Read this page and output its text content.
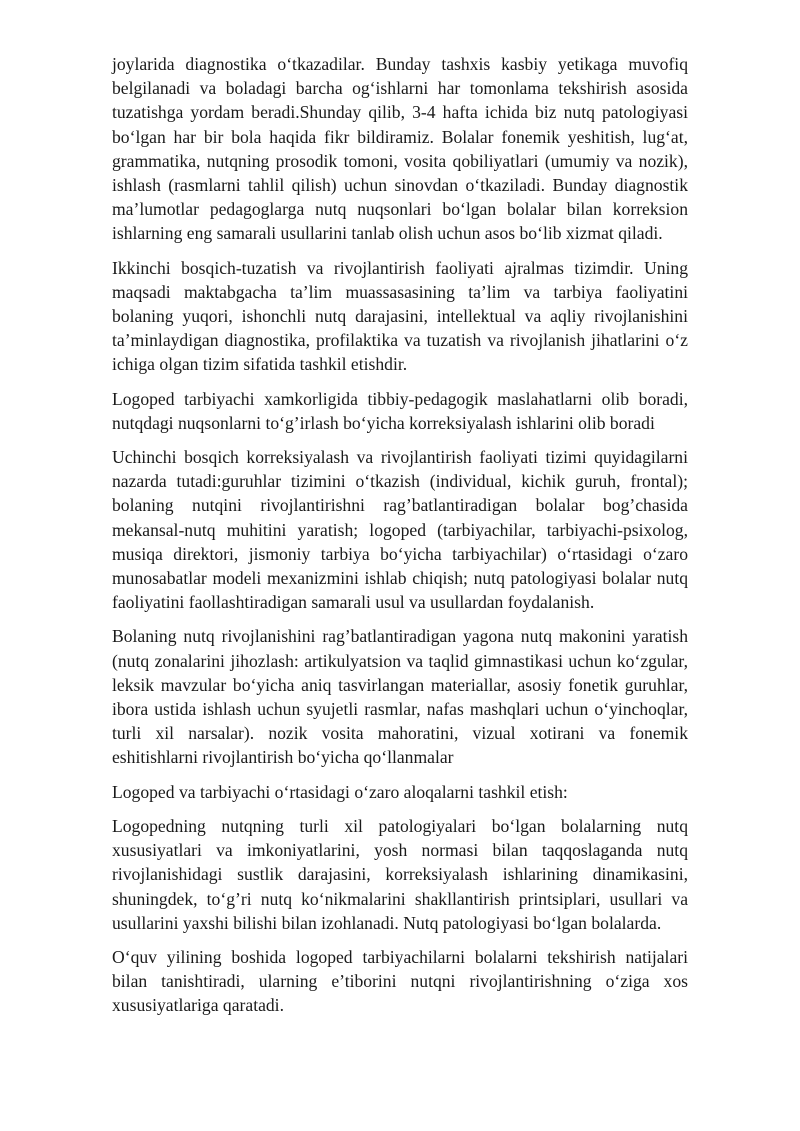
joylarida diagnostika o‘tkazadilar. Bunday tashxis kasbiy yetikaga muvofiq belgilanadi va boladagi barcha og‘ishlarni har tomonlama tekshirish asosida tuzatishga yordam beradi.Shunday qilib, 3-4 hafta ichida biz nutq patologiyasi bo‘lgan har bir bola haqida fikr bildiramiz. Bolalar fonemik yeshitish, lug‘at, grammatika, nutqning prosodik tomoni, vosita qobiliyatlari (umumiy va nozik), ishlash (rasmlarni tahlil qilish) uchun sinovdan o‘tkaziladi. Bunday diagnostik ma’lumotlar pedagoglarga nutq nuqsonlari bo‘lgan bolalar bilan korreksion ishlarning eng samarali usullarini tanlab olish uchun asos bo‘lib xizmat qiladi.

Ikkinchi bosqich-tuzatish va rivojlantirish faoliyati ajralmas tizimdir. Uning maqsadi maktabgacha ta’lim muassasasining ta’lim va tarbiya faoliyatini bolaning yuqori, ishonchli nutq darajasini, intellektual va aqliy rivojlanishini ta’minlaydigan diagnostika, profilaktika va tuzatish va rivojlanish jihatlarini o‘z ichiga olgan tizim sifatida tashkil etishdir.

Logoped tarbiyachi xamkorligida tibbiy-pedagogik maslahatlarni olib boradi, nutqdagi nuqsonlarni to‘g’irlash bo‘yicha korreksiyalash ishlarini olib boradi

Uchinchi bosqich korreksiyalash va rivojlantirish faoliyati tizimi quyidagilarni nazarda tutadi:guruhlar tizimini o‘tkazish (individual, kichik guruh, frontal); bolaning nutqini rivojlantirishni rag’batlantiradigan bolalar bog’chasida mekansal-nutq muhitini yaratish; logoped (tarbiyachilar, tarbiyachi-psixolog, musiqa direktori, jismoniy tarbiya bo‘yicha tarbiyachilar) o‘rtasidagi o‘zaro munosabatlar modeli mexanizmini ishlab chiqish; nutq patologiyasi bolalar nutq faoliyatini faollashtiradigan samarali usul va usullardan foydalanish.

Bolaning nutq rivojlanishini rag’batlantiradigan yagona nutq makonini yaratish (nutq zonalarini jihozlash: artikulyatsion va taqlid gimnastikasi uchun ko‘zgular, leksik mavzular bo‘yicha aniq tasvirlangan materiallar, asosiy fonetik guruhlar, ibora ustida ishlash uchun syujetli rasmlar, nafas mashqlari uchun o‘yinchoqlar, turli xil narsalar). nozik vosita mahoratini, vizual xotirani va fonemik eshitishlarni rivojlantirish bo‘yicha qo‘llanmalar

Logoped va tarbiyachi o‘rtasidagi o‘zaro aloqalarni tashkil etish:

Logopedning nutqning turli xil patologiyalari bo‘lgan bolalarning nutq xususiyatlari va imkoniyatlarini, yosh normasi bilan taqqoslaganda nutq rivojlanishidagi sustlik darajasini, korreksiyalash ishlarining dinamikasini, shuningdek, to‘g’ri nutq ko‘nikmalarini shakllantirish printsiplari, usullari va usullarini yaxshi bilishi bilan izohlanadi. Nutq patologiyasi bo‘lgan bolalarda.

O‘quv yilining boshida logoped tarbiyachilarni bolalarni tekshirish natijalari bilan tanishtiradi, ularning e’tiborini nutqni rivojlantirishning o‘ziga xos xususiyatlariga qaratadi.
